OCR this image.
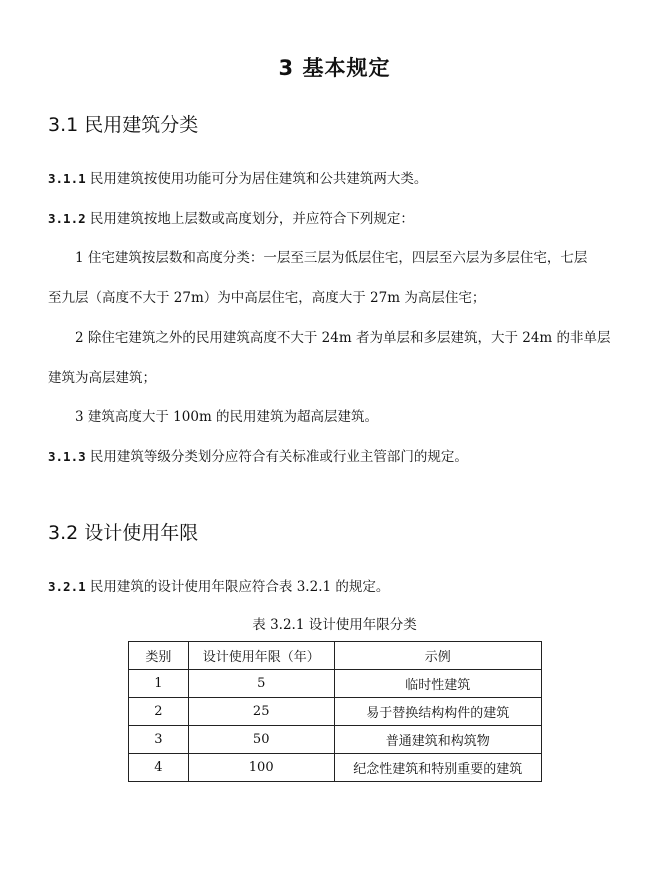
3 基本规定
3.1 民用建筑分类
3.1.1 民用建筑按使用功能可分为居住建筑和公共建筑两大类。
3.1.2 民用建筑按地上层数或高度划分，并应符合下列规定：
1 住宅建筑按层数和高度分类：一层至三层为低层住宅，四层至六层为多层住宅，七层
至九层（高度不大于 27m）为中高层住宅，高度大于 27m 为高层住宅；
2 除住宅建筑之外的民用建筑高度不大于 24m 者为单层和多层建筑，大于 24m 的非单层
建筑为高层建筑；
3 建筑高度大于 100m 的民用建筑为超高层建筑。
3.1.3 民用建筑等级分类划分应符合有关标准或行业主管部门的规定。
3.2 设计使用年限
3.2.1 民用建筑的设计使用年限应符合表 3.2.1 的规定。
表 3.2.1 设计使用年限分类
类别	设计使用年限（年）	示例
1	5	临时性建筑
2	25	易于替换结构构件的建筑
3	50	普通建筑和构筑物
4	100	纪念性建筑和特别重要的建筑
